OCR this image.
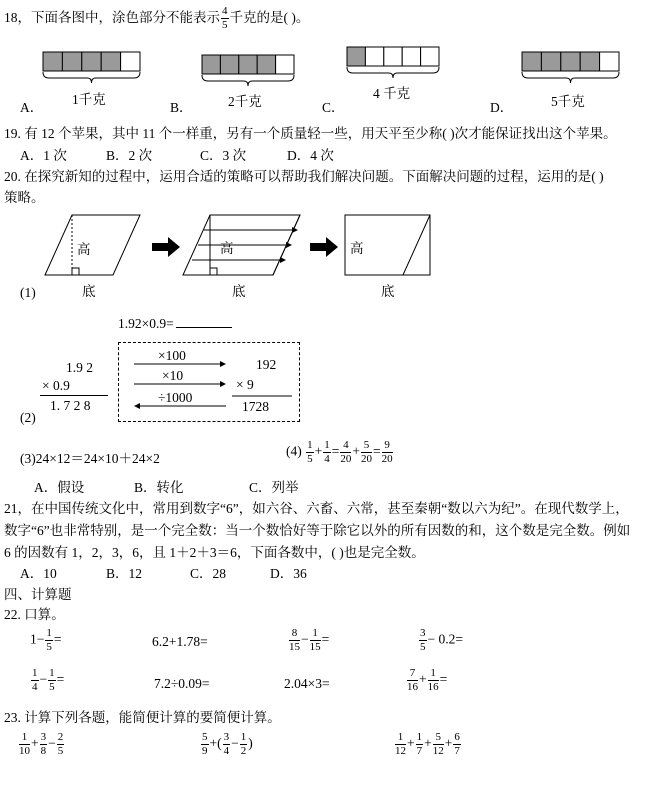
18，下面各图中，涂色部分不能表示 $\frac{4}{5}$ 千克的是( )。
A．
1千克
B．	2千克	C．
4 千克
D．	5千克
19. 有 12 个苹果，其中 11 个一样重，另有一个质量轻一些，用天平至少称( )次才能保证找出这个苹果。
A．1 次	B．2 次	C．3 次	D．4 次
20. 在探究新知的过程中，运用合适的策略可以帮助我们解决问题。下面解决问题的过程，运用的是( )
策略。
高
底
高
底
高
底
(1)
1.92×0.9=
1.9 2
× 0.9
1. 7 2 8
(2)
×100
×10
÷1000
192
× 9
1728
(3)24×12＝24×10＋24×2	$(4) \frac{1}{5} + \frac{1}{4} = \frac{4}{20} + \frac{5}{20} = \frac{9}{20}$
A．假设	B．转化	C．列举
21，在中国传统文化中，常用到数字“6”，如六谷、六畜、六常，甚至秦朝“数以六为纪”。在现代数学上，
数字“6”也非常特别，是一个完全数：当一个数恰好等于除它以外的所有因数的和，这个数是完全数。例如
6 的因数有 1，2，3，6，且 1＋2＋3＝6，下面各数中，( )也是完全数。
A．10	B．12	C．28	D．36
四、计算题
22. 口算。
$1- \frac{1}{5}$ =	6.2+1.78=	$\frac{8}{15} - \frac{1}{15}$ =	$\frac{3}{5} - 0.2=$
$\frac{1}{4} - \frac{1}{5}$ =	7.2÷0.09=	2.04×3=	$\frac{7}{16} + \frac{1}{16}$ =
23. 计算下列各题，能简便计算的要简便计算。
$\frac{1}{10} + \frac{3}{8} - \frac{2}{5}$	$\frac{5}{9}$ +( $\frac{3}{4} - \frac{1}{2}$ )	$\frac{1}{12} + \frac{1}{7} + \frac{5}{12} + \frac{6}{7}$
